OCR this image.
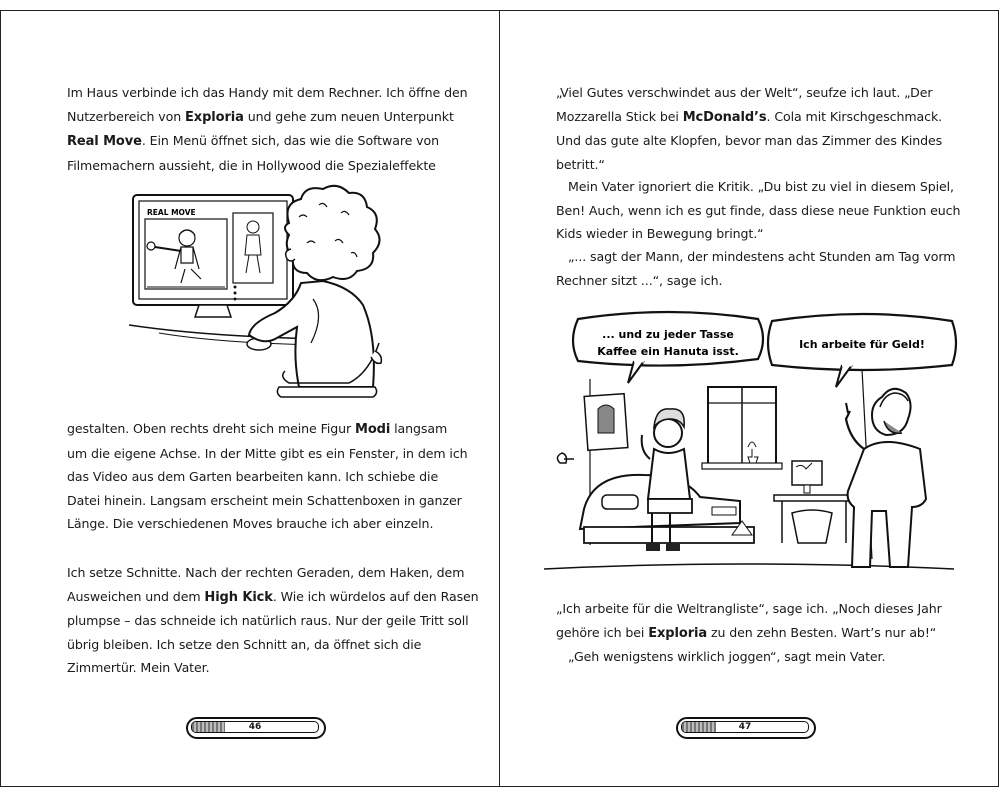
Im Haus verbinde ich das Handy mit dem Rechner. Ich öffne den
Nutzerbereich von Exploria und gehe zum neuen Unterpunkt
Real Move. Ein Menü öffnet sich, das wie die Software von
Filmemachern aussieht, die in Hollywood die Spezialeffekte
REAL MOVE
gestalten. Oben rechts dreht sich meine Figur Modi langsam
um die eigene Achse. In der Mitte gibt es ein Fenster, in dem ich
das Video aus dem Garten bearbeiten kann. Ich schiebe die
Datei hinein. Langsam erscheint mein Schattenboxen in ganzer
Länge. Die verschiedenen Moves brauche ich aber einzeln.
Ich setze Schnitte. Nach der rechten Geraden, dem Haken, dem
Ausweichen und dem High Kick. Wie ich würdelos auf den Rasen
plumpse – das schneide ich natürlich raus. Nur der geile Tritt soll
übrig bleiben. Ich setze den Schnitt an, da öffnet sich die
Zimmertür. Mein Vater.
46
„Viel Gutes verschwindet aus der Welt“, seufze ich laut. „Der
Mozzarella Stick bei McDonald’s. Cola mit Kirschgeschmack.
Und das gute alte Klopfen, bevor man das Zimmer des Kindes
betritt.“
Mein Vater ignoriert die Kritik. „Du bist zu viel in diesem Spiel,
Ben! Auch, wenn ich es gut finde, dass diese neue Funktion euch
Kids wieder in Bewegung bringt.“
„... sagt der Mann, der mindestens acht Stunden am Tag vorm
Rechner sitzt ...“, sage ich.
... und zu jeder Tasse
Kaffee ein Hanuta isst.
Ich arbeite für Geld!
„Ich arbeite für die Weltrangliste“, sage ich. „Noch dieses Jahr
gehöre ich bei Exploria zu den zehn Besten. Wart’s nur ab!“
„Geh wenigstens wirklich joggen“, sagt mein Vater.
47
